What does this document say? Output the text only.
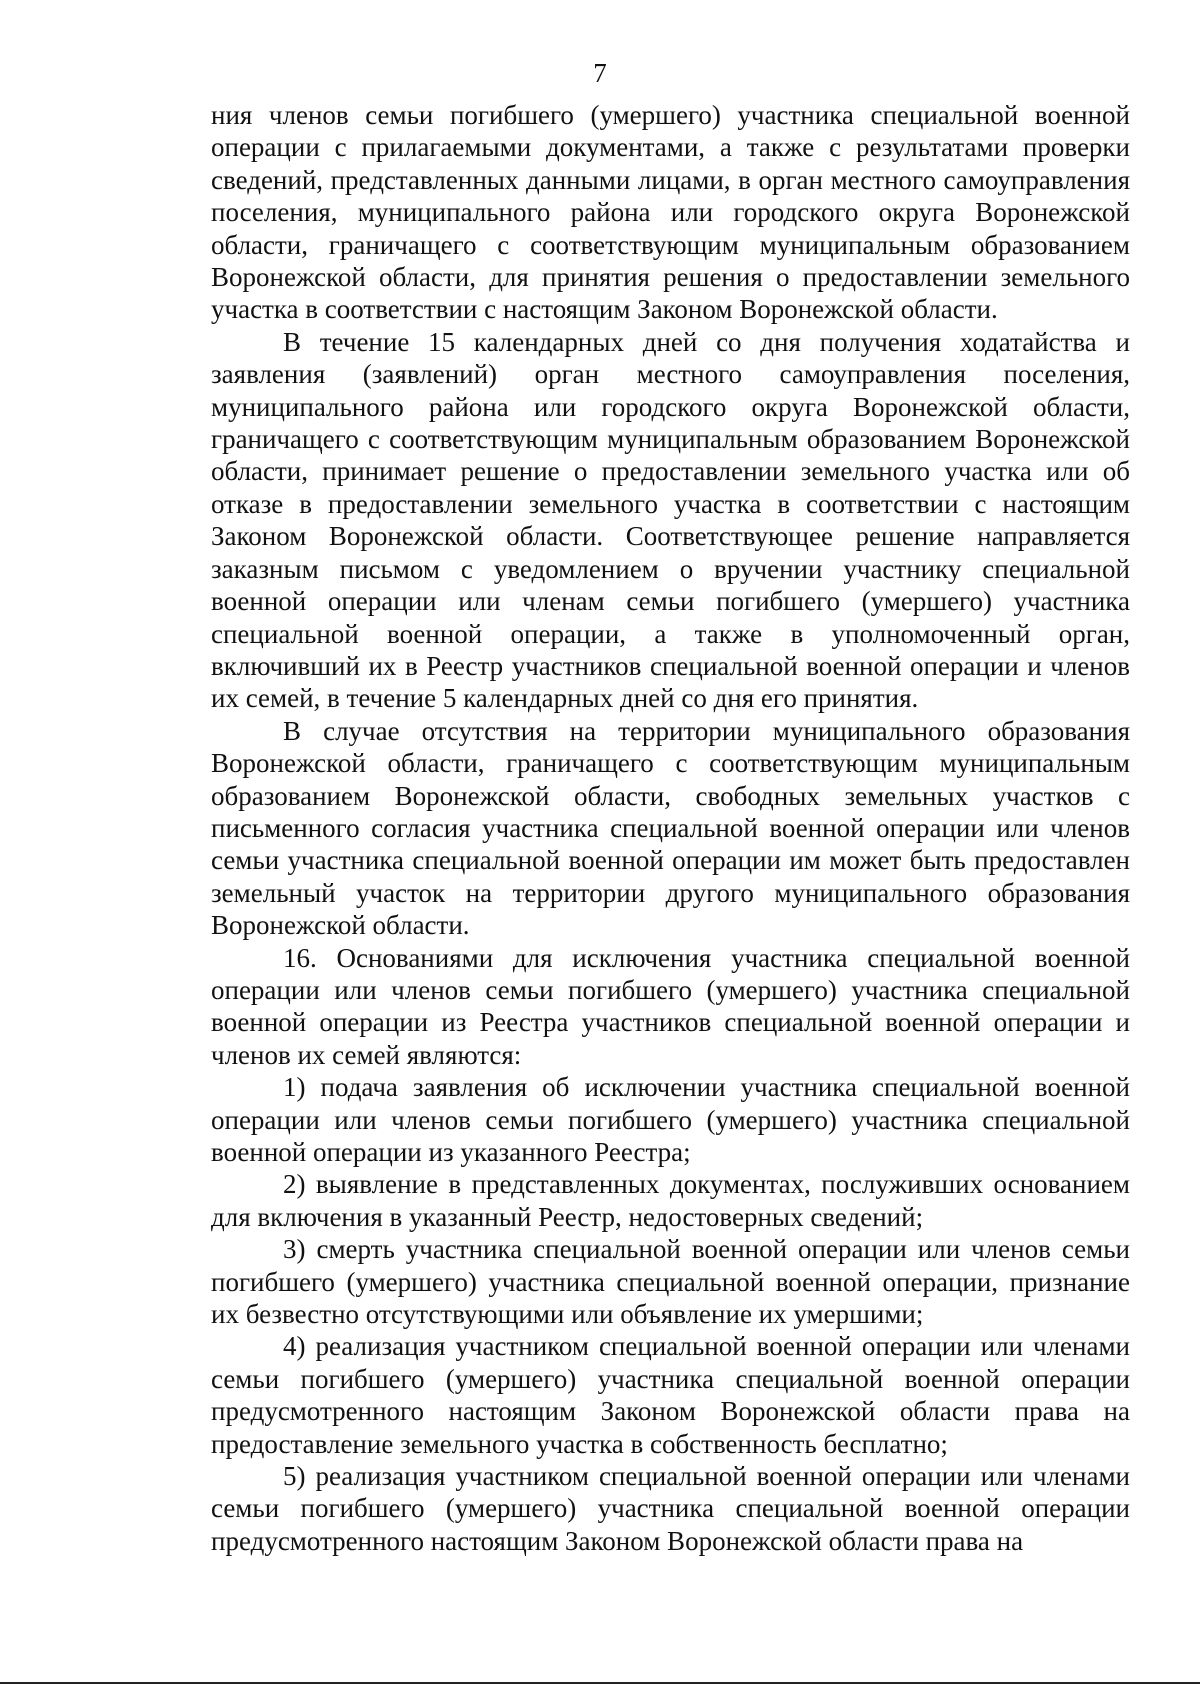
7

ния членов семьи погибшего (умершего) участника специальной военной операции с прилагаемыми документами, а также с результатами проверки сведений, представленных данными лицами, в орган местного самоуправления поселения, муниципального района или городского округа Воронежской области, граничащего с соответствующим муниципальным образованием Воронежской области, для принятия решения о предоставлении земельного участка в соответствии с настоящим Законом Воронежской области.

В течение 15 календарных дней со дня получения ходатайства и заявления (заявлений) орган местного самоуправления поселения, муниципального района или городского округа Воронежской области, граничащего с соответствующим муниципальным образованием Воронежской области, принимает решение о предоставлении земельного участка или об отказе в предоставлении земельного участка в соответствии с настоящим Законом Воронежской области. Соответствующее решение направляется заказным письмом с уведомлением о вручении участнику специальной военной операции или членам семьи погибшего (умершего) участника специальной военной операции, а также в уполномоченный орган, включивший их в Реестр участников специальной военной операции и членов их семей, в течение 5 календарных дней со дня его принятия.

В случае отсутствия на территории муниципального образования Воронежской области, граничащего с соответствующим муниципальным образованием Воронежской области, свободных земельных участков с письменного согласия участника специальной военной операции или членов семьи участника специальной военной операции им может быть предоставлен земельный участок на территории другого муниципального образования Воронежской области.

16. Основаниями для исключения участника специальной военной операции или членов семьи погибшего (умершего) участника специальной военной операции из Реестра участников специальной военной операции и членов их семей являются:

1) подача заявления об исключении участника специальной военной операции или членов семьи погибшего (умершего) участника специальной военной операции из указанного Реестра;

2) выявление в представленных документах, послуживших основанием для включения в указанный Реестр, недостоверных сведений;

3) смерть участника специальной военной операции или членов семьи погибшего (умершего) участника специальной военной операции, признание их безвестно отсутствующими или объявление их умершими;

4) реализация участником специальной военной операции или членами семьи погибшего (умершего) участника специальной военной операции предусмотренного настоящим Законом Воронежской области права на предоставление земельного участка в собственность бесплатно;

5) реализация участником специальной военной операции или членами семьи погибшего (умершего) участника специальной военной операции предусмотренного настоящим Законом Воронежской области права на
